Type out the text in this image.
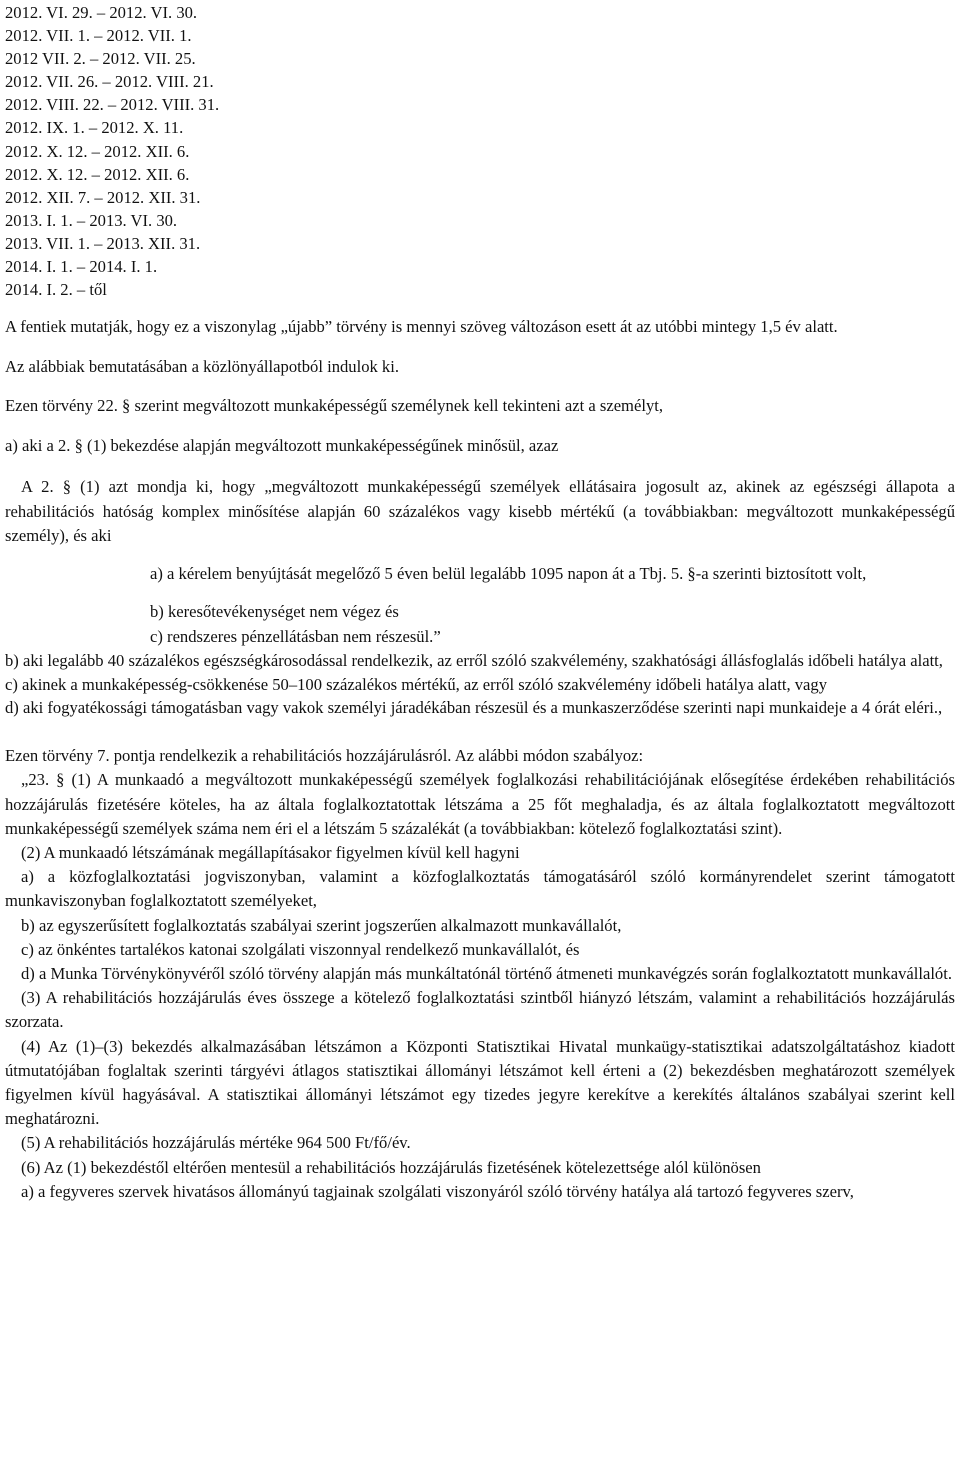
2012. VI. 29. – 2012. VI. 30.
2012. VII. 1. – 2012. VII. 1.
2012 VII. 2. – 2012. VII. 25.
2012. VII. 26. – 2012. VIII. 21.
2012. VIII. 22. – 2012. VIII. 31.
2012. IX. 1. – 2012. X. 11.
2012. X. 12. – 2012. XII. 6.
2012. X. 12. – 2012. XII. 6.
2012. XII. 7. – 2012. XII. 31.
2013. I. 1. – 2013. VI. 30.
2013. VII. 1. – 2013. XII. 31.
2014. I. 1. – 2014. I. 1.
2014. I. 2. – től

A fentiek mutatják, hogy ez a viszonylag „újabb” törvény is mennyi szöveg változáson esett át az utóbbi mintegy 1,5 év alatt.

Az alábbiak bemutatásában a közlönyállapotból indulok ki.

Ezen törvény 22. § szerint megváltozott munkaképességű személynek kell tekinteni azt a személyt,

a) aki a 2. § (1) bekezdése alapján megváltozott munkaképességűnek minősül, azaz

A 2. § (1) azt mondja ki, hogy „megváltozott munkaképességű személyek ellátásaira jogosult az, akinek az egészségi állapota a rehabilitációs hatóság komplex minősítése alapján 60 százalékos vagy kisebb mértékű (a továbbiakban: megváltozott munkaképességű személy), és aki

a) a kérelem benyújtását megelőző 5 éven belül legalább 1095 napon át a Tbj. 5. §-a szerinti biztosított volt,

b) keresőtevékenységet nem végez és

c) rendszeres pénzellátásban nem részesül.”

b) aki legalább 40 százalékos egészségkárosodással rendelkezik, az erről szóló szakvélemény, szakhatósági állásfoglalás időbeli hatálya alatt,

c) akinek a munkaképesség-csökkenése 50–100 százalékos mértékű, az erről szóló szakvélemény időbeli hatálya alatt, vagy

d) aki fogyatékossági támogatásban vagy vakok személyi járadékában részesül és a munkaszerződése szerinti napi munkaideje a 4 órát eléri.,

Ezen törvény 7. pontja rendelkezik a rehabilitációs hozzájárulásról. Az alábbi módon szabályoz:

„23. § (1) A munkaadó a megváltozott munkaképességű személyek foglalkozási rehabilitációjának elősegítése érdekében rehabilitációs hozzájárulás fizetésére köteles, ha az általa foglalkoztatottak létszáma a 25 főt meghaladja, és az általa foglalkoztatott megváltozott munkaképességű személyek száma nem éri el a létszám 5 százalékát (a továbbiakban: kötelező foglalkoztatási szint).

(2) A munkaadó létszámának megállapításakor figyelmen kívül kell hagyni

a) a közfoglalkoztatási jogviszonyban, valamint a közfoglalkoztatás támogatásáról szóló kormányrendelet szerint támogatott munkaviszonyban foglalkoztatott személyeket,

b) az egyszerűsített foglalkoztatás szabályai szerint jogszerűen alkalmazott munkavállalót,

c) az önkéntes tartalékos katonai szolgálati viszonnyal rendelkező munkavállalót, és

d) a Munka Törvénykönyvéről szóló törvény alapján más munkáltatónál történő átmeneti munkavégzés során foglalkoztatott munkavállalót.

(3) A rehabilitációs hozzájárulás éves összege a kötelező foglalkoztatási szintből hiányzó létszám, valamint a rehabilitációs hozzájárulás szorzata.

(4) Az (1)–(3) bekezdés alkalmazásában létszámon a Központi Statisztikai Hivatal munkaügy-statisztikai adatszolgáltatáshoz kiadott útmutatójában foglaltak szerinti tárgyévi átlagos statisztikai állományi létszámot kell érteni a (2) bekezdésben meghatározott személyek figyelmen kívül hagyásával. A statisztikai állományi létszámot egy tizedes jegyre kerekítve a kerekítés általános szabályai szerint kell meghatározni.

(5) A rehabilitációs hozzájárulás mértéke 964 500 Ft/fő/év.

(6) Az (1) bekezdéstől eltérően mentesül a rehabilitációs hozzájárulás fizetésének kötelezettsége alól különösen

a) a fegyveres szervek hivatásos állományú tagjainak szolgálati viszonyáról szóló törvény hatálya alá tartozó fegyveres szerv,
